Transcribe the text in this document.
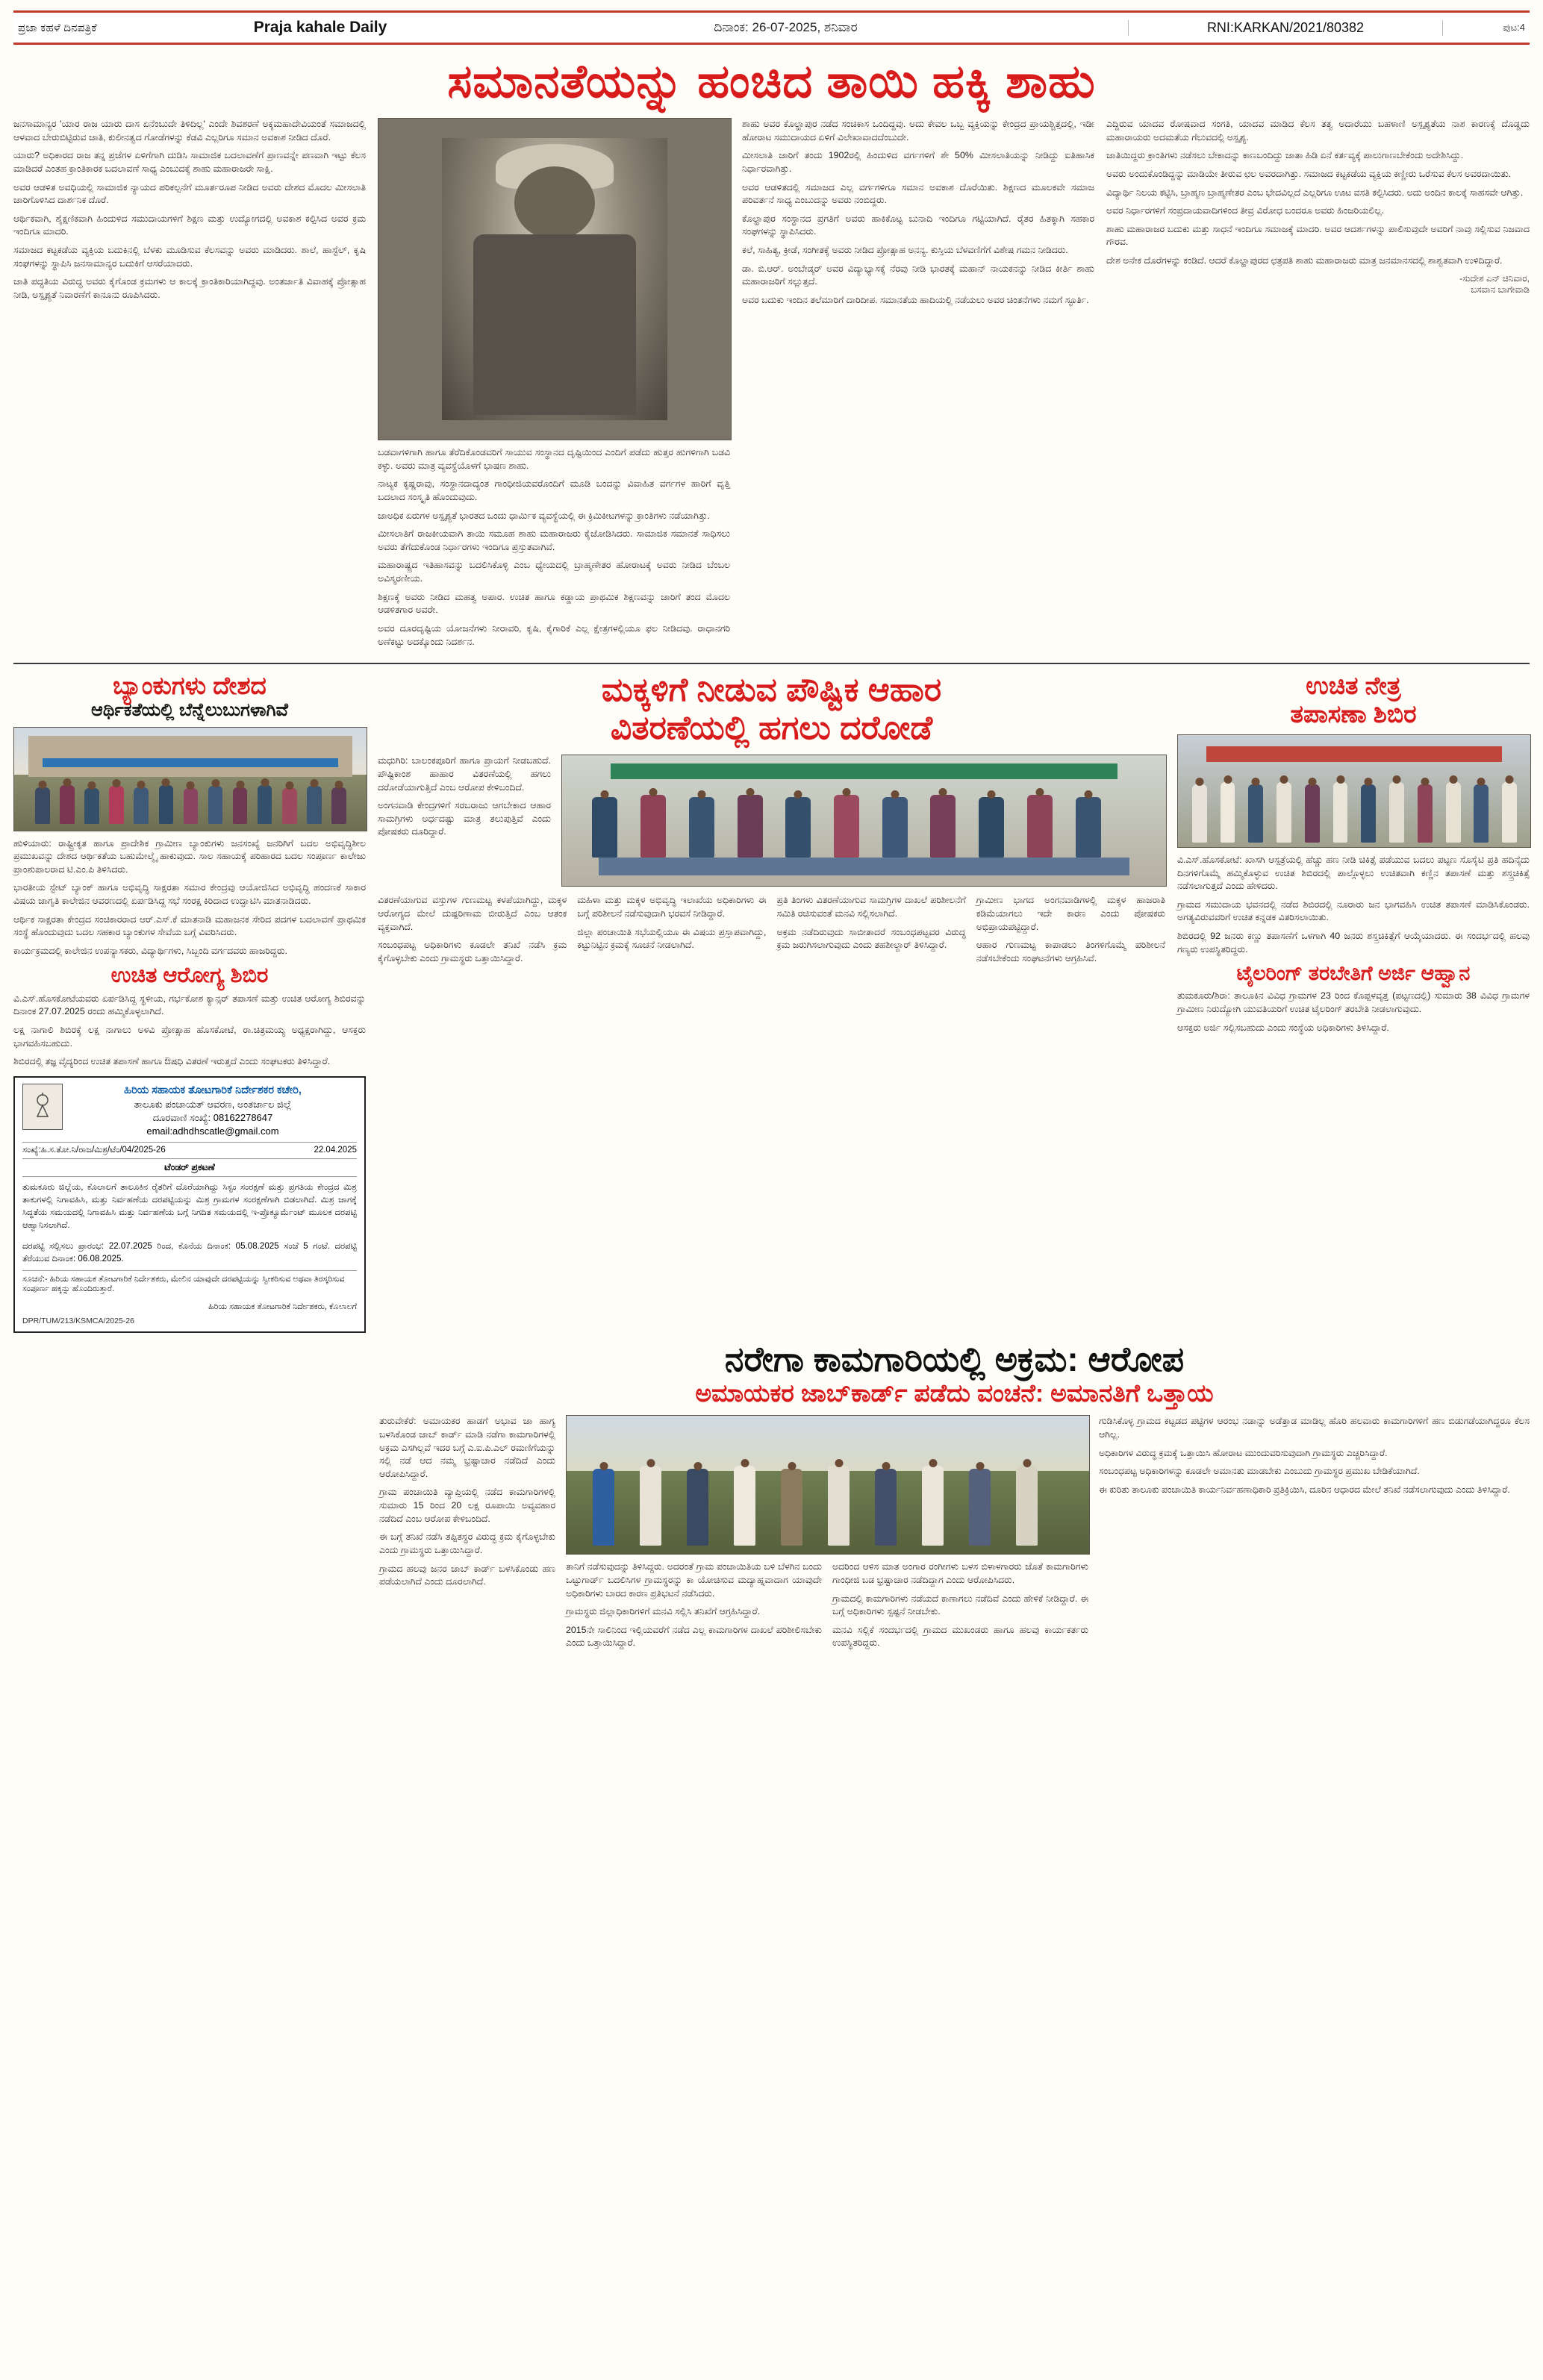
ಪ್ರಜಾ ಕಹಳೆ ದಿನಪತ್ರಿಕೆ	Praja kahale Daily	ದಿನಾಂಕ: 26-07-2025, ಶನಿವಾರ	RNI:KARKAN/2021/80382	ಪುಟ:4
ಸಮಾನತೆಯನ್ನು ಹಂಚಿದ ತಾಯಿ ಹಕ್ಕಿ ಶಾಹು

ಜನಸಾಮಾನ್ಯರ 'ಯಾರ ರಾಜ ಯಾರು ದಾಸ ಏನೆಂಬುದೇ ತಿಳಿದಿಲ್ಲ' ಎಂದೇ ಶಿವಶರಣೆ ಅಕ್ಕಮಹಾದೇವಿಯಂತೆ ಸಮಾಜದಲ್ಲಿ ಆಳವಾದ ಬೇರುಬಿಟ್ಟಿರುವ ಜಾತಿ, ಕುಲೀನತ್ವದ ಗೋಡೆಗಳನ್ನು ಕೆಡವಿ ಎಲ್ಲರಿಗೂ ಸಮಾನ ಅವಕಾಶ ನೀಡಿದ ದೊರೆ.

ಯಾರು? ಅಧಿಕಾರದ ರಾಜ ತನ್ನ ಪ್ರಜೆಗಳ ಏಳಿಗೆಗಾಗಿ ದುಡಿಸಿ ಸಾಮಾಜಿಕ ಬದಲಾವಣೆಗೆ ಪ್ರಾಣವನ್ನೇ ಪಣವಾಗಿ ಇಟ್ಟು ಕೆಲಸ ಮಾಡಿದರೆ ಎಂತಹ ಕ್ರಾಂತಿಕಾರಕ ಬದಲಾವಣೆ ಸಾಧ್ಯ ಎಂಬುದಕ್ಕೆ ಶಾಹು ಮಹಾರಾಜರೇ ಸಾಕ್ಷಿ.

ಅವರ ಆಡಳಿತ ಅವಧಿಯಲ್ಲಿ ಸಾಮಾಜಿಕ ನ್ಯಾಯದ ಪರಿಕಲ್ಪನೆಗೆ ಮೂರ್ತರೂಪ ನೀಡಿದ ಅವರು ದೇಶದ ಮೊದಲ ಮೀಸಲಾತಿ ಜಾರಿಗೊಳಿಸಿದ ದಾರ್ಶನಿಕ ದೊರೆ.

ಆರ್ಥಿಕವಾಗಿ, ಶೈಕ್ಷಣಿಕವಾಗಿ ಹಿಂದುಳಿದ ಸಮುದಾಯಗಳಿಗೆ ಶಿಕ್ಷಣ ಮತ್ತು ಉದ್ಯೋಗದಲ್ಲಿ ಅವಕಾಶ ಕಲ್ಪಿಸಿದ ಅವರ ಕ್ರಮ ಇಂದಿಗೂ ಮಾದರಿ.

ಸಮಾಜದ ಕಟ್ಟಕಡೆಯ ವ್ಯಕ್ತಿಯ ಬದುಕಿನಲ್ಲಿ ಬೆಳಕು ಮೂಡಿಸುವ ಕೆಲಸವನ್ನು ಅವರು ಮಾಡಿದರು. ಶಾಲೆ, ಹಾಸ್ಟೆಲ್, ಕೃಷಿ ಸಂಘಗಳನ್ನು ಸ್ಥಾಪಿಸಿ ಜನಸಾಮಾನ್ಯರ ಬದುಕಿಗೆ ಆಸರೆಯಾದರು.

ಜಾತಿ ಪದ್ಧತಿಯ ವಿರುದ್ಧ ಅವರು ಕೈಗೊಂಡ ಕ್ರಮಗಳು ಆ ಕಾಲಕ್ಕೆ ಕ್ರಾಂತಿಕಾರಿಯಾಗಿದ್ದವು. ಅಂತರ್ಜಾತಿ ವಿವಾಹಕ್ಕೆ ಪ್ರೋತ್ಸಾಹ ನೀಡಿ, ಅಸ್ಪೃಶ್ಯತೆ ನಿವಾರಣೆಗೆ ಕಾನೂನು ರೂಪಿಸಿದರು.

ಬಡವಾಗಳಿಗಾಗಿ ಹಾಗೂ ತೆರೆದಿಕೊಂಡವರಿಗೆ ಸಾಯುವ ಸಂಸ್ಥಾನದ ದೃಷ್ಟಿಯಿಂದ ಎಂದಿಗೆ ಪಡೆದು ಹುತ್ತರ ಹುಗಳಿಗಾಗಿ ಬಡವಿ ಕಳ್ಳು. ಅವರು ಮಾತ್ರ ವ್ಯವಸ್ಥೆಯೊಳಗೆ ಭಾಷಣ ಶಾಹು.

ನಾಟ್ಯಕ ಕೃಷ್ಣರಾವು, ಸಂಸ್ಥಾನದಾದ್ಯಂತ ಗಾಂಧೀಜಿಯವರೊಂದಿಗೆ ಮೂಡಿ ಬಂದನ್ನು ವಿವಾಹಿತ ವರ್ಗಗಳ ಹಾರಿಗೆ ವೃತ್ತಿ ಬದಲಾದ ಸಂಸ್ಕೃತಿ ಹೊಂದುವುದು.

ಜಾಅಧಿಕ ಏರುಗಳ ಅಸ್ಪೃಶ್ಯತೆ ಭಾರತದ ಒಂದು ಧಾರ್ಮಿಕ ವ್ಯವಸ್ಥೆಯಲ್ಲಿ ಈ ಕ್ರಿಮಿಕೀಟಗಳನ್ನು ಕ್ರಾಂತಿಗಳು ನಡೆಯಾಗಿತ್ತು.

ಮೀಸಲಾತಿಗೆ ರಾಜಕೀಯವಾಗಿ ತಾಯಿ ಸಮೂಹ ಶಾಹು ಮಹಾರಾಜರು ಕೈಜೋಡಿಸಿದರು. ಸಾಮಾಜಿಕ ಸಮಾನತೆ ಸಾಧಿಸಲು ಅವರು ತೆಗೆದುಕೊಂಡ ನಿರ್ಧಾರಗಳು ಇಂದಿಗೂ ಪ್ರಸ್ತುತವಾಗಿವೆ.

ಮಹಾರಾಷ್ಟ್ರದ ಇತಿಹಾಸವನ್ನು ಬದಲಿಸಿಕೊಳ್ಳಿ ಎಂಬ ಧ್ಯೇಯದಲ್ಲಿ ಬ್ರಾಹ್ಮಣೇತರ ಹೋರಾಟಕ್ಕೆ ಅವರು ನೀಡಿದ ಬೆಂಬಲ ಅವಿಸ್ಮರಣೀಯ.

ಶಿಕ್ಷಣಕ್ಕೆ ಅವರು ನೀಡಿದ ಮಹತ್ವ ಅಪಾರ. ಉಚಿತ ಹಾಗೂ ಕಡ್ಡಾಯ ಪ್ರಾಥಮಿಕ ಶಿಕ್ಷಣವನ್ನು ಜಾರಿಗೆ ತಂದ ಮೊದಲ ಆಡಳಿತಗಾರ ಅವರೇ.

ಅವರ ದೂರದೃಷ್ಟಿಯ ಯೋಜನೆಗಳು ನೀರಾವರಿ, ಕೃಷಿ, ಕೈಗಾರಿಕೆ ಎಲ್ಲ ಕ್ಷೇತ್ರಗಳಲ್ಲಿಯೂ ಫಲ ನೀಡಿದವು. ರಾಧಾನಗರಿ ಅಣೆಕಟ್ಟು ಅದಕ್ಕೊಂದು ನಿದರ್ಶನ.

ಶಾಹು ಅವರ ಕೊಲ್ಹಾಪುರ ನಡೆದ ಸಂಚಿಕಾಸ ಒಂದಿದ್ದವು. ಅದು ಕೇವಲ ಒಬ್ಬ ವ್ಯಕ್ತಿಯನ್ನು ಕೇಂದ್ರದ ಪ್ರಾಯಶ್ಚಿತ್ತದಲ್ಲಿ, ಇಡೀ ಹೋರಾಟ ಸಮುದಾಯದ ಏಳಿಗೆ ವಿಲೇಖಾವಾದದೆಂಬುದೇ.

ಮೀಸಲಾತಿ ಜಾರಿಗೆ ತಂದು 1902ರಲ್ಲಿ ಹಿಂದುಳಿದ ವರ್ಗಗಳಿಗೆ ಶೇ 50% ಮೀಸಲಾತಿಯನ್ನು ನೀಡಿದ್ದು ಐತಿಹಾಸಿಕ ನಿರ್ಧಾರವಾಗಿತ್ತು.

ಅವರ ಆಡಳಿತದಲ್ಲಿ ಸಮಾಜದ ಎಲ್ಲ ವರ್ಗಗಳಿಗೂ ಸಮಾನ ಅವಕಾಶ ದೊರೆಯಿತು. ಶಿಕ್ಷಣದ ಮೂಲಕವೇ ಸಮಾಜ ಪರಿವರ್ತನೆ ಸಾಧ್ಯ ಎಂಬುದನ್ನು ಅವರು ನಂಬಿದ್ದರು.

ಕೊಲ್ಹಾಪುರ ಸಂಸ್ಥಾನದ ಪ್ರಗತಿಗೆ ಅವರು ಹಾಕಿಕೊಟ್ಟ ಬುನಾದಿ ಇಂದಿಗೂ ಗಟ್ಟಿಯಾಗಿದೆ. ರೈತರ ಹಿತಕ್ಕಾಗಿ ಸಹಕಾರ ಸಂಘಗಳನ್ನು ಸ್ಥಾಪಿಸಿದರು.

ಕಲೆ, ಸಾಹಿತ್ಯ, ಕ್ರೀಡೆ, ಸಂಗೀತಕ್ಕೆ ಅವರು ನೀಡಿದ ಪ್ರೋತ್ಸಾಹ ಅನನ್ಯ. ಕುಸ್ತಿಯ ಬೆಳವಣಿಗೆಗೆ ವಿಶೇಷ ಗಮನ ನೀಡಿದರು.

ಡಾ. ಬಿ.ಆರ್. ಅಂಬೇಡ್ಕರ್ ಅವರ ವಿದ್ಯಾಭ್ಯಾಸಕ್ಕೆ ನೆರವು ನೀಡಿ ಭಾರತಕ್ಕೆ ಮಹಾನ್ ನಾಯಕನನ್ನು ನೀಡಿದ ಕೀರ್ತಿ ಶಾಹು ಮಹಾರಾಜರಿಗೆ ಸಲ್ಲುತ್ತದೆ.

ಅವರ ಬದುಕು ಇಂದಿನ ತಲೆಮಾರಿಗೆ ದಾರಿದೀಪ. ಸಮಾನತೆಯ ಹಾದಿಯಲ್ಲಿ ನಡೆಯಲು ಅವರ ಚಿಂತನೆಗಳು ನಮಗೆ ಸ್ಫೂರ್ತಿ.

ಎದ್ದಿರುವ ಯಾದವ ರೋಷವಾದ ಸಂಗತಿ, ಯಾದವ ಮಾಡಿದ ಕೆಲಸ ತತ್ವ ಅದಾರೆಯು ಬಹಳಾಣಿ ಅಸ್ಪೃಶ್ಯತೆಯ ನಾಶ ಕಾರಣಕ್ಕೆ ದೊಡ್ಡದು ಮಹಾರಾಯರು ಅದಮತೆಯ ಗೆಲುವದಲ್ಲಿ ಅಸ್ಪೃಶ್ಯ.

ಜಾತಿಯಿದ್ದರು ಕ್ರಾಂತಿಗಳು ನಡೆಸಲು ಬೇಕಾದನ್ನು ಕಾಣಬಂದಿದ್ದು ಜಾತಾ ಹಿಡಿ ಏನೆ ಕರ್ತವ್ಯಕ್ಕೆ ಪಾಲುಗಾಣಬೇಕೆಂದು ಅದೇಶಿಸಿದ್ದು.

ಅವರು ಅಂದುಕೊಂಡಿದ್ದನ್ನು ಮಾಡಿಯೇ ತೀರುವ ಛಲ ಅವರದಾಗಿತ್ತು. ಸಮಾಜದ ಕಟ್ಟಕಡೆಯ ವ್ಯಕ್ತಿಯ ಕಣ್ಣೀರು ಒರೆಸುವ ಕೆಲಸ ಅವರದಾಯಿತು.

ವಿದ್ಯಾರ್ಥಿ ನಿಲಯ ಕಟ್ಟಿಸಿ, ಬ್ರಾಹ್ಮಣ ಬ್ರಾಹ್ಮಣೇತರ ಎಂಬ ಭೇದವಿಲ್ಲದೆ ಎಲ್ಲರಿಗೂ ಊಟ ವಸತಿ ಕಲ್ಪಿಸಿದರು. ಅದು ಅಂದಿನ ಕಾಲಕ್ಕೆ ಸಾಹಸವೇ ಆಗಿತ್ತು.

ಅವರ ನಿರ್ಧಾರಗಳಿಗೆ ಸಂಪ್ರದಾಯವಾದಿಗಳಿಂದ ತೀವ್ರ ವಿರೋಧ ಬಂದರೂ ಅವರು ಹಿಂಜರಿಯಲಿಲ್ಲ.

ಶಾಹು ಮಹಾರಾಜರ ಬದುಕು ಮತ್ತು ಸಾಧನೆ ಇಂದಿಗೂ ಸಮಾಜಕ್ಕೆ ಮಾದರಿ. ಅವರ ಆದರ್ಶಗಳನ್ನು ಪಾಲಿಸುವುದೇ ಅವರಿಗೆ ನಾವು ಸಲ್ಲಿಸುವ ನಿಜವಾದ ಗೌರವ.

ದೇಶ ಅನೇಕ ದೊರೆಗಳನ್ನು ಕಂಡಿದೆ. ಆದರೆ ಕೊಲ್ಹಾಪುರದ ಛತ್ರಪತಿ ಶಾಹು ಮಹಾರಾಜರು ಮಾತ್ರ ಜನಮಾನಸದಲ್ಲಿ ಶಾಶ್ವತವಾಗಿ ಉಳಿದಿದ್ದಾರೆ.

-ಸುದೇಶ ಎನ್ ಚಿನಿವಾರ,
ಬಸವಾನ ಬಾಗೇವಾಡಿ
ಬ್ಯಾಂಕುಗಳು ದೇಶದ
ಆರ್ಥಿಕತೆಯಲ್ಲಿ ಬೆನ್ನೆಲುಬುಗಳಾಗಿವೆ

ಹುಳಿಯಾರು: ರಾಷ್ಟ್ರೀಕೃತ ಹಾಗೂ ಪ್ರಾದೇಶಿಕ ಗ್ರಾಮೀಣ ಬ್ಯಾಂಕುಗಳು ಜನಸಂಖ್ಯೆ ಜನರಿಗಿಗೆ ಬದಲ ಅಭಿವೃದ್ಧಿಶೀಲ ಪ್ರಮುಖವನ್ನು ದೇಶದ ಆರ್ಥಿಕತೆಯ ಬಹುಮೇಲ್ಮೈ ಹಾಕುವುದು. ಸಾಲ ಸಹಾಯಕ್ಕೆ ಪರಿಹಾರದ ಬದಲ ಸಂಪೂರ್ಣ ಕಾಲೇಜು ಪ್ರಾಂಶುಪಾಲರಾದ ಟಿ.ಎಂ.ಪಿ ತಿಳಿಸಿದರು.

ಭಾರತೀಯ ಸ್ಟೇಟ್ ಬ್ಯಾಂಕ್ ಹಾಗೂ ಅಭಿವೃದ್ಧಿ ಸಾಕ್ಷರತಾ ಸಮಾರ ಕೇಂದ್ರವು ಆಯೋಜಿಸಿದ ಅಭಿವೃದ್ಧಿ ಹಂದಣಕೆ ಸಾಕಾರ ವಿಷಯ ಜಾಗೃತಿ ಕಾಲೇಜಿನ ಆವರಣದಲ್ಲಿ ಏರ್ಪಡಿಸಿದ್ದ ಸಭೆ ಸಂರಕ್ಷ ಕಿರಿದಾದ ಉದ್ಘಾಟಿಸಿ ಮಾತನಾಡಿದರು.

ಆರ್ಥಿಕ ಸಾಕ್ಷರತಾ ಕೇಂದ್ರದ ಸಂಚಿಕಾರರಾದ ಆರ್.ಎಸ್.ಕೆ ಮಾತನಾಡಿ ಮಹಾಜನಕ ಸೇರಿದ ಪದಗಳ ಬದಲಾವಣೆ ಪ್ರಾಥಮಿಕ ಸಂಸ್ಥೆ ಹೊಂದುವುದು ಬದಲ ಸಹಕಾರ ಬ್ಯಾಂಕುಗಳ ಸೇವೆಯ ಬಗ್ಗೆ ವಿವರಿಸಿದರು.

ಕಾರ್ಯಕ್ರಮದಲ್ಲಿ ಕಾಲೇಜಿನ ಉಪನ್ಯಾಸಕರು, ವಿದ್ಯಾರ್ಥಿಗಳು, ಸಿಬ್ಬಂದಿ ವರ್ಗದವರು ಹಾಜರಿದ್ದರು.

ಉಚಿತ ಆರೋಗ್ಯ ಶಿಬಿರ

ವಿ.ಎಸ್.ಹೊಸಕೋಟೆಯವರು ಏರ್ಪಡಿಸಿದ್ದ ಸ್ಥಳೀಯ, ಗರ್ಭಕೋಶ ಕ್ಯಾನ್ಸರ್ ತಪಾಸಣೆ ಮತ್ತು ಉಚಿತ ಆರೋಗ್ಯ ಶಿಬಿರವನ್ನು ದಿನಾಂಕ 27.07.2025 ರಂದು ಹಮ್ಮಿಕೊಳ್ಳಲಾಗಿದೆ.

ಲಕ್ಷ ನಾಗಾಲಿ ಶಿಬಿರಕ್ಕೆ ಲಕ್ಷ ನಾಗಾಲು ಅಳವಿ ಪ್ರೋತ್ಸಾಹ ಹೊಸಕೋಟೆ, ರಾ.ಚಿತ್ರಮಯ್ಯ ಅಧ್ಯಕ್ಷರಾಗಿದ್ದು, ಆಸಕ್ತರು ಭಾಗವಹಿಸಬಹುದು.

ಶಿಬಿರದಲ್ಲಿ ತಜ್ಞ ವೈದ್ಯರಿಂದ ಉಚಿತ ತಪಾಸಣೆ ಹಾಗೂ ಔಷಧಿ ವಿತರಣೆ ಇರುತ್ತದೆ ಎಂದು ಸಂಘಟಕರು ತಿಳಿಸಿದ್ದಾರೆ.

ಹಿರಿಯ ಸಹಾಯಕ ತೋಟಗಾರಿಕೆ ನಿರ್ದೇಶಕರ ಕಚೇರಿ,
ತಾಲೂಕು ಪಂಚಾಯತ್ ಆವರಣ, ಅಂತರ್ಜಾಲ ಜಿಲ್ಲೆ
ದೂರವಾಣಿ ಸಂಖ್ಯೆ: 08162278647
email:adhdhscatle@gmail.com
ಸಂಖ್ಯೆ:ಹಿ.ಸ.ತೋ.ನಿ/ರಾಜ/ಮಿಶ್ರ/ಟೆಂ/04/2025-26	22.04.2025
ಟೆಂಡರ್ ಪ್ರಕಟಣೆ
ತುಮಕೂರು ಜಿಲ್ಲೆಯ, ಕೊಲಾಲಗೆ ತಾಲೂಕಿನ ರೈತರಿಗೆ ದೊರೆಯಾಗಿದ್ದು ಸಿಸ್ಟಂ ಸಂರಕ್ಷಣೆ ಮತ್ತು ಪ್ರಗತಿಯ ಕೇಂದ್ರದ ಮಿಶ್ರ ತಾಕುಗಳಲ್ಲಿ ನಿಗಾವಹಿಸಿ, ಮತ್ತು ನಿರ್ವಹಣೆಯ ದರಪಟ್ಟಿಯನ್ನು ಮಿಶ್ರ ಗ್ರಾಮಗಳ ಸಂರಕ್ಷಣೆಗಾಗಿ ಬಿಡಲಾಗಿದೆ. ಮಿಶ್ರ ಜಾಗಕ್ಕೆ ಸಿದ್ಧತೆಯ ಸಮಯದಲ್ಲಿ ನಿಗಾವಹಿಸಿ ಮತ್ತು ನಿರ್ವಹಣೆಯ ಬಗ್ಗೆ ನಿಗದಿತ ಸಮಯದಲ್ಲಿ ಇ-ಪ್ರೊಕ್ಯೂರ್ಮೆಂಟ್ ಮೂಲಕ ದರಪಟ್ಟಿ ಆಹ್ವಾನಿಸಲಾಗಿದೆ.
ದರಪಟ್ಟಿ ಸಲ್ಲಿಸಲು ಪ್ರಾರಂಭ: 22.07.2025 ರಿಂದ, ಕೊನೆಯ ದಿನಾಂಕ: 05.08.2025 ಸಂಜೆ 5 ಗಂಟೆ. ದರಪಟ್ಟಿ ತೆರೆಯುವ ದಿನಾಂಕ: 06.08.2025.
ಸೂಚನೆ:- ಹಿರಿಯ ಸಹಾಯಕ ತೋಟಗಾರಿಕೆ ನಿರ್ದೇಶಕರು, ಮೇಲಿನ ಯಾವುದೇ ದರಪಟ್ಟಿಯನ್ನು ಸ್ವೀಕರಿಸುವ ಅಥವಾ ತಿರಸ್ಕರಿಸುವ ಸಂಪೂರ್ಣ ಹಕ್ಕನ್ನು ಹೊಂದಿರುತ್ತಾರೆ.
ಹಿರಿಯ ಸಹಾಯಕ ತೋಟಗಾರಿಕೆ ನಿರ್ದೇಶಕರು, ಕೊಲಾಲಗೆ
DPR/TUM/213/KSMCA/2025-26
ಮಕ್ಕಳಿಗೆ ನೀಡುವ ಪೌಷ್ಟಿಕ ಆಹಾರ
ವಿತರಣೆಯಲ್ಲಿ ಹಗಲು ದರೋಡೆ

ಮಧುಗಿರಿ: ಬಾಲಂಕಪೂರಿಗೆ ಹಾಗೂ ಪ್ರಾಯಗೆ ನೀಡಬಹುದೆ. ಪೌಷ್ಟಿಕಾಂಶ ಹಾಹಾರ ವಿತರಣೆಯಲ್ಲಿ ಹಗಲು ದರೋಡೆಯಾಗುತ್ತಿದೆ ಎಂಬ ಆರೋಪ ಕೇಳಿಬಂದಿದೆ.

ಅಂಗನವಾಡಿ ಕೇಂದ್ರಗಳಿಗೆ ಸರಬರಾಜು ಆಗಬೇಕಾದ ಆಹಾರ ಸಾಮಗ್ರಿಗಳು ಅರ್ಧದಷ್ಟು ಮಾತ್ರ ತಲುಪುತ್ತಿವೆ ಎಂದು ಪೋಷಕರು ದೂರಿದ್ದಾರೆ.

ವಿತರಣೆಯಾಗುವ ವಸ್ತುಗಳ ಗುಣಮಟ್ಟ ಕಳಪೆಯಾಗಿದ್ದು, ಮಕ್ಕಳ ಆರೋಗ್ಯದ ಮೇಲೆ ದುಷ್ಪರಿಣಾಮ ಬೀರುತ್ತಿದೆ ಎಂಬ ಆತಂಕ ವ್ಯಕ್ತವಾಗಿದೆ.

ಸಂಬಂಧಪಟ್ಟ ಅಧಿಕಾರಿಗಳು ಕೂಡಲೇ ತನಿಖೆ ನಡೆಸಿ ಕ್ರಮ ಕೈಗೊಳ್ಳಬೇಕು ಎಂದು ಗ್ರಾಮಸ್ಥರು ಒತ್ತಾಯಿಸಿದ್ದಾರೆ.

ಮಹಿಳಾ ಮತ್ತು ಮಕ್ಕಳ ಅಭಿವೃದ್ಧಿ ಇಲಾಖೆಯ ಅಧಿಕಾರಿಗಳು ಈ ಬಗ್ಗೆ ಪರಿಶೀಲನೆ ನಡೆಸುವುದಾಗಿ ಭರವಸೆ ನೀಡಿದ್ದಾರೆ.

ಜಿಲ್ಲಾ ಪಂಚಾಯಿತಿ ಸಭೆಯಲ್ಲಿಯೂ ಈ ವಿಷಯ ಪ್ರಸ್ತಾಪವಾಗಿದ್ದು, ಕಟ್ಟುನಿಟ್ಟಿನ ಕ್ರಮಕ್ಕೆ ಸೂಚನೆ ನೀಡಲಾಗಿದೆ.

ಪ್ರತಿ ತಿಂಗಳು ವಿತರಣೆಯಾಗುವ ಸಾಮಗ್ರಿಗಳ ದಾಖಲೆ ಪರಿಶೀಲನೆಗೆ ಸಮಿತಿ ರಚಿಸುವಂತೆ ಮನವಿ ಸಲ್ಲಿಸಲಾಗಿದೆ.

ಅಕ್ರಮ ನಡೆದಿರುವುದು ಸಾಬೀತಾದರೆ ಸಂಬಂಧಪಟ್ಟವರ ವಿರುದ್ಧ ಕ್ರಮ ಜರುಗಿಸಲಾಗುವುದು ಎಂದು ತಹಶೀಲ್ದಾರ್ ತಿಳಿಸಿದ್ದಾರೆ.

ಗ್ರಾಮೀಣ ಭಾಗದ ಅಂಗನವಾಡಿಗಳಲ್ಲಿ ಮಕ್ಕಳ ಹಾಜರಾತಿ ಕಡಿಮೆಯಾಗಲು ಇದೇ ಕಾರಣ ಎಂದು ಪೋಷಕರು ಅಭಿಪ್ರಾಯಪಟ್ಟಿದ್ದಾರೆ.

ಆಹಾರ ಗುಣಮಟ್ಟ ಕಾಪಾಡಲು ತಿಂಗಳಿಗೊಮ್ಮೆ ಪರಿಶೀಲನೆ ನಡೆಸಬೇಕೆಂದು ಸಂಘಟನೆಗಳು ಆಗ್ರಹಿಸಿವೆ.

ಉಚಿತ ನೇತ್ರ
ತಪಾಸಣಾ ಶಿಬಿರ

ವಿ.ಎಸ್.ಹೊಸಕೋಟೆ: ಖಾಸಗಿ ಆಸ್ಪತ್ರೆಯಲ್ಲಿ ಹೆಚ್ಚು ಹಣ ನೀಡಿ ಚಿಕಿತ್ಸೆ ಪಡೆಯುವ ಬದಲು ಪಟ್ಟಣ ಸೊಸೈಟಿ ಪ್ರತಿ ಹದಿನೈದು ದಿನಗಳಿಗೊಮ್ಮೆ ಹಮ್ಮಿಕೊಳ್ಳುವ ಉಚಿತ ಶಿಬಿರದಲ್ಲಿ ಪಾಲ್ಗೊಳ್ಳಲು ಉಚಿತವಾಗಿ ಕಣ್ಣಿನ ತಪಾಸಣೆ ಮತ್ತು ಶಸ್ತ್ರಚಿಕಿತ್ಸೆ ನಡೆಸಲಾಗುತ್ತದೆ ಎಂದು ಹೇಳಿದರು.

ಗ್ರಾಮದ ಸಮುದಾಯ ಭವನದಲ್ಲಿ ನಡೆದ ಶಿಬಿರದಲ್ಲಿ ನೂರಾರು ಜನ ಭಾಗವಹಿಸಿ ಉಚಿತ ತಪಾಸಣೆ ಮಾಡಿಸಿಕೊಂಡರು. ಅಗತ್ಯವಿರುವವರಿಗೆ ಉಚಿತ ಕನ್ನಡಕ ವಿತರಿಸಲಾಯಿತು.

ಶಿಬಿರದಲ್ಲಿ 92 ಜನರು ಕಣ್ಣು ತಪಾಸಣೆಗೆ ಒಳಗಾಗಿ 40 ಜನರು ಶಸ್ತ್ರಚಿಕಿತ್ಸೆಗೆ ಆಯ್ಕೆಯಾದರು. ಈ ಸಂದರ್ಭದಲ್ಲಿ ಹಲವು ಗಣ್ಯರು ಉಪಸ್ಥಿತರಿದ್ದರು.

ಟೈಲರಿಂಗ್ ತರಬೇತಿಗೆ ಅರ್ಜಿ ಆಹ್ವಾನ

ತುಮಕೂರು/ಶಿರಾ: ತಾಲೂಕಿನ ವಿವಿಧ ಗ್ರಾಮಗಳ 23 ರಿಂದ ಕೊಪ್ಪಳವೃತ್ತ (ಪಟ್ಟಣದಲ್ಲಿ) ಸುಮಾರು 38 ವಿವಿಧ ಗ್ರಾಮಗಳ ಗ್ರಾಮೀಣ ನಿರುದ್ಯೋಗಿ ಯುವತಿಯರಿಗೆ ಉಚಿತ ಟೈಲರಿಂಗ್ ತರಬೇತಿ ನೀಡಲಾಗುವುದು.

ಆಸಕ್ತರು ಅರ್ಜಿ ಸಲ್ಲಿಸಬಹುದು ಎಂದು ಸಂಸ್ಥೆಯ ಅಧಿಕಾರಿಗಳು ತಿಳಿಸಿದ್ದಾರೆ.

ನರೇಗಾ ಕಾಮಗಾರಿಯಲ್ಲಿ ಅಕ್ರಮ: ಆರೋಪ
ಅಮಾಯಕರ ಜಾಬ್‌ಕಾರ್ಡ್ ಪಡೆದು ವಂಚನೆ: ಅಮಾನತಿಗೆ ಒತ್ತಾಯ

ತುರುವೇಕೆರೆ: ಅಮಾಯಕರ ಹಾಡಗೆ ಅಭಾವ ಜಾ ಹಾಗ್ಯ ಬಳಸಿಕೊಂಡ ಜಾಬ್ ಕಾರ್ಡ್ ಮಾಡಿ ನಡೆಗಾ ಕಾಮಗಾರಿಗಳಲ್ಲಿ ಅಕ್ರಮ ಎಸಗಿಲ್ಲವೆ ಇದರ ಬಗ್ಗೆ ಎ.ಐ.ಪಿ.ಎಲ್ ರಮಣಿಗೆಯನ್ನು ಸಲ್ಲಿ ನಡೆ ಆದ ನಮ್ಮ ಭ್ರಷ್ಟಾಚಾರ ನಡೆದಿದೆ ಎಂದು ಆರೋಪಿಸಿದ್ದಾರೆ.

ಗ್ರಾಮ ಪಂಚಾಯಿತಿ ವ್ಯಾಪ್ತಿಯಲ್ಲಿ ನಡೆದ ಕಾಮಗಾರಿಗಳಲ್ಲಿ ಸುಮಾರು 15 ರಿಂದ 20 ಲಕ್ಷ ರೂಪಾಯಿ ಅವ್ಯವಹಾರ ನಡೆದಿದೆ ಎಂಬ ಆರೋಪ ಕೇಳಿಬಂದಿದೆ.

ಈ ಬಗ್ಗೆ ತನಿಖೆ ನಡೆಸಿ ತಪ್ಪಿತಸ್ಥರ ವಿರುದ್ಧ ಕ್ರಮ ಕೈಗೊಳ್ಳಬೇಕು ಎಂದು ಗ್ರಾಮಸ್ಥರು ಒತ್ತಾಯಿಸಿದ್ದಾರೆ.

ಗ್ರಾಮದ ಹಲವು ಜನರ ಜಾಬ್ ಕಾರ್ಡ್ ಬಳಸಿಕೊಂಡು ಹಣ ಪಡೆಯಲಾಗಿದೆ ಎಂದು ದೂರಲಾಗಿದೆ.

ತಾನಿಗೆ ನಡೆಸುವುದನ್ನು ತಿಳಿಸಿದ್ದರು. ಅದರಂತೆ ಗ್ರಾಮ ಪಂಚಾಯಿತಿಯ ಬಳಿ ಬೆಳಗಿನ ಬಂದು ಒಟ್ಟುಗಾರ್ಡ್ ಬದಲಿಸಿಗಳ ಗ್ರಾಮಸ್ಥರನ್ನು ಕಾ ಯೋಚಿಸುವ ಮದ್ಯಾಹ್ನವಾದಾಗ ಯಾವುದೇ ಅಧಿಕಾರಿಗಳು ಬಾರದ ಕಾರಣ ಪ್ರತಿಭಟನೆ ನಡೆಸಿದರು.

ಗ್ರಾಮಸ್ಥರು ಜಿಲ್ಲಾಧಿಕಾರಿಗಳಿಗೆ ಮನವಿ ಸಲ್ಲಿಸಿ ತನಿಖೆಗೆ ಆಗ್ರಹಿಸಿದ್ದಾರೆ.

2015ನೇ ಸಾಲಿನಿಂದ ಇಲ್ಲಿಯವರೆಗೆ ನಡೆದ ಎಲ್ಲ ಕಾಮಗಾರಿಗಳ ದಾಖಲೆ ಪರಿಶೀಲಿಸಬೇಕು ಎಂದು ಒತ್ತಾಯಿಸಿದ್ದಾರೆ.

ಅದರಿಂದ ಆಳಿಸ ಮಾತ ಅಂಗಾರ ರಂಗೀಗಳು ಬಳಸ ಬಿಳಾಳಗಾರರು ಜೊತೆ ಕಾಮಗಾರಿಗಳು ಗಾಂಧೀಜಿ ಬಡ ಭ್ರಷ್ಟಾಚಾರ ನಡೆದಿದ್ದಾಗ ಎಂದು ಆರೋಪಿಸಿದರು.

ಗ್ರಾಮದಲ್ಲಿ ಕಾಮಗಾರಿಗಳು ನಡೆಯದೆ ಕಾಣಾಗಲು ನಡೆದಿವೆ ಎಂದು ಹೇಳಿಕೆ ನೀಡಿದ್ದಾರೆ. ಈ ಬಗ್ಗೆ ಅಧಿಕಾರಿಗಳು ಸ್ಪಷ್ಟನೆ ನೀಡಬೇಕು.

ಮನವಿ ಸಲ್ಲಿಕೆ ಸಂದರ್ಭದಲ್ಲಿ ಗ್ರಾಮದ ಮುಖಂಡರು ಹಾಗೂ ಹಲವು ಕಾರ್ಯಕರ್ತರು ಉಪಸ್ಥಿತರಿದ್ದರು.

ಗುಡಿಸಿಕೊಳ್ಳ ಗ್ರಾಮದ ಕಟ್ಟಡದ ಪಟ್ಟಿಗಳ ಆರಂಭ ನಡಾನ್ನು ಅಡೆತ್ತಾಡ ಮಾಡಿಲ್ಲ ಹೊರಿ ಹಲವಾರು ಕಾಮಗಾರಿಗಳಿಗೆ ಹಣ ಬಿಡುಗಡೆಯಾಗಿದ್ದರೂ ಕೆಲಸ ಆಗಿಲ್ಲ.

ಅಧಿಕಾರಿಗಳ ವಿರುದ್ಧ ಕ್ರಮಕ್ಕೆ ಒತ್ತಾಯಿಸಿ ಹೋರಾಟ ಮುಂದುವರಿಸುವುದಾಗಿ ಗ್ರಾಮಸ್ಥರು ಎಚ್ಚರಿಸಿದ್ದಾರೆ.

ಸಂಬಂಧಪಟ್ಟ ಅಧಿಕಾರಿಗಳನ್ನು ಕೂಡಲೇ ಅಮಾನತು ಮಾಡಬೇಕು ಎಂಬುದು ಗ್ರಾಮಸ್ಥರ ಪ್ರಮುಖ ಬೇಡಿಕೆಯಾಗಿದೆ.

ಈ ಕುರಿತು ತಾಲೂಕು ಪಂಚಾಯಿತಿ ಕಾರ್ಯನಿರ್ವಹಣಾಧಿಕಾರಿ ಪ್ರತಿಕ್ರಿಯಿಸಿ, ದೂರಿನ ಆಧಾರದ ಮೇಲೆ ತನಿಖೆ ನಡೆಸಲಾಗುವುದು ಎಂದು ತಿಳಿಸಿದ್ದಾರೆ.
